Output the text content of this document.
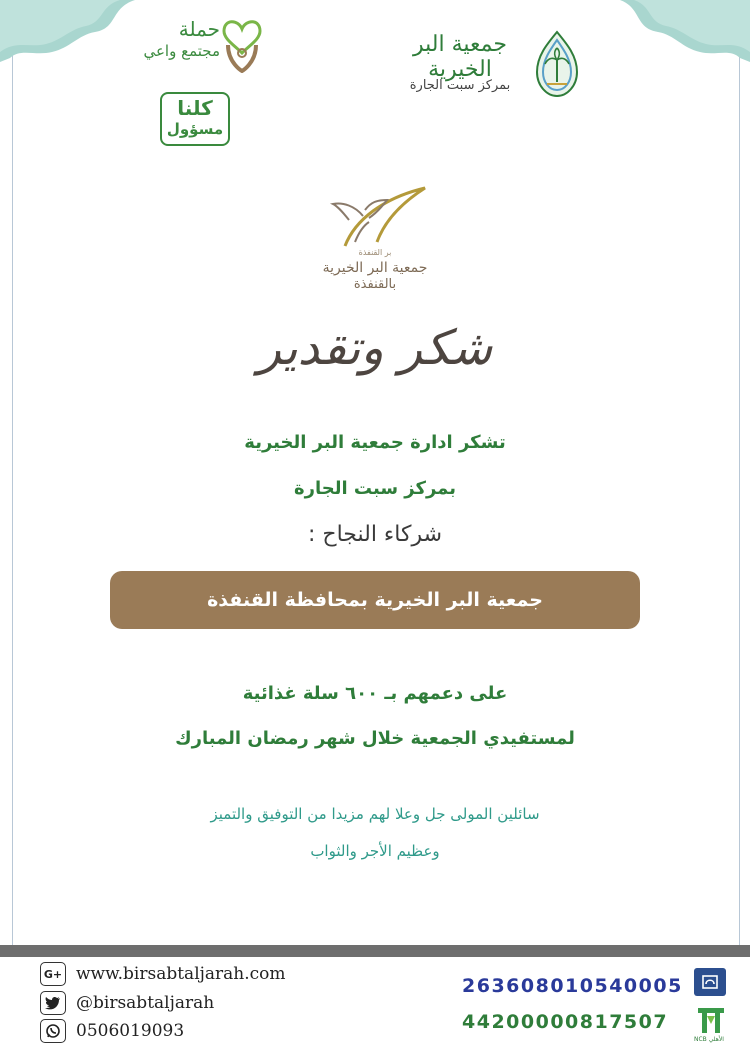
حملة
مجتمع واعي
كلنا
مسؤول
جمعية البر الخيرية
بمركز سبت الجارة
بر القنفذة
جمعية البر الخيرية
بالقنفذة
شكر وتقدير
تشكر ادارة جمعية البر الخيرية
بمركز سبت الجارة
شركاء النجاح :
جمعية البر الخيرية بمحافظة القنفذة
على دعمهم بـ ٦٠٠ سلة غذائية
لمستفيدي الجمعية خلال شهر رمضان المبارك
سائلين المولى جل وعلا لهم مزيدا من التوفيق والتميز
وعظيم الأجر والثواب
G+ www.birsabtaljarah.com
@birsabtaljarah
0506019093
263608010540005
44200000817507
NCB الأهلي
